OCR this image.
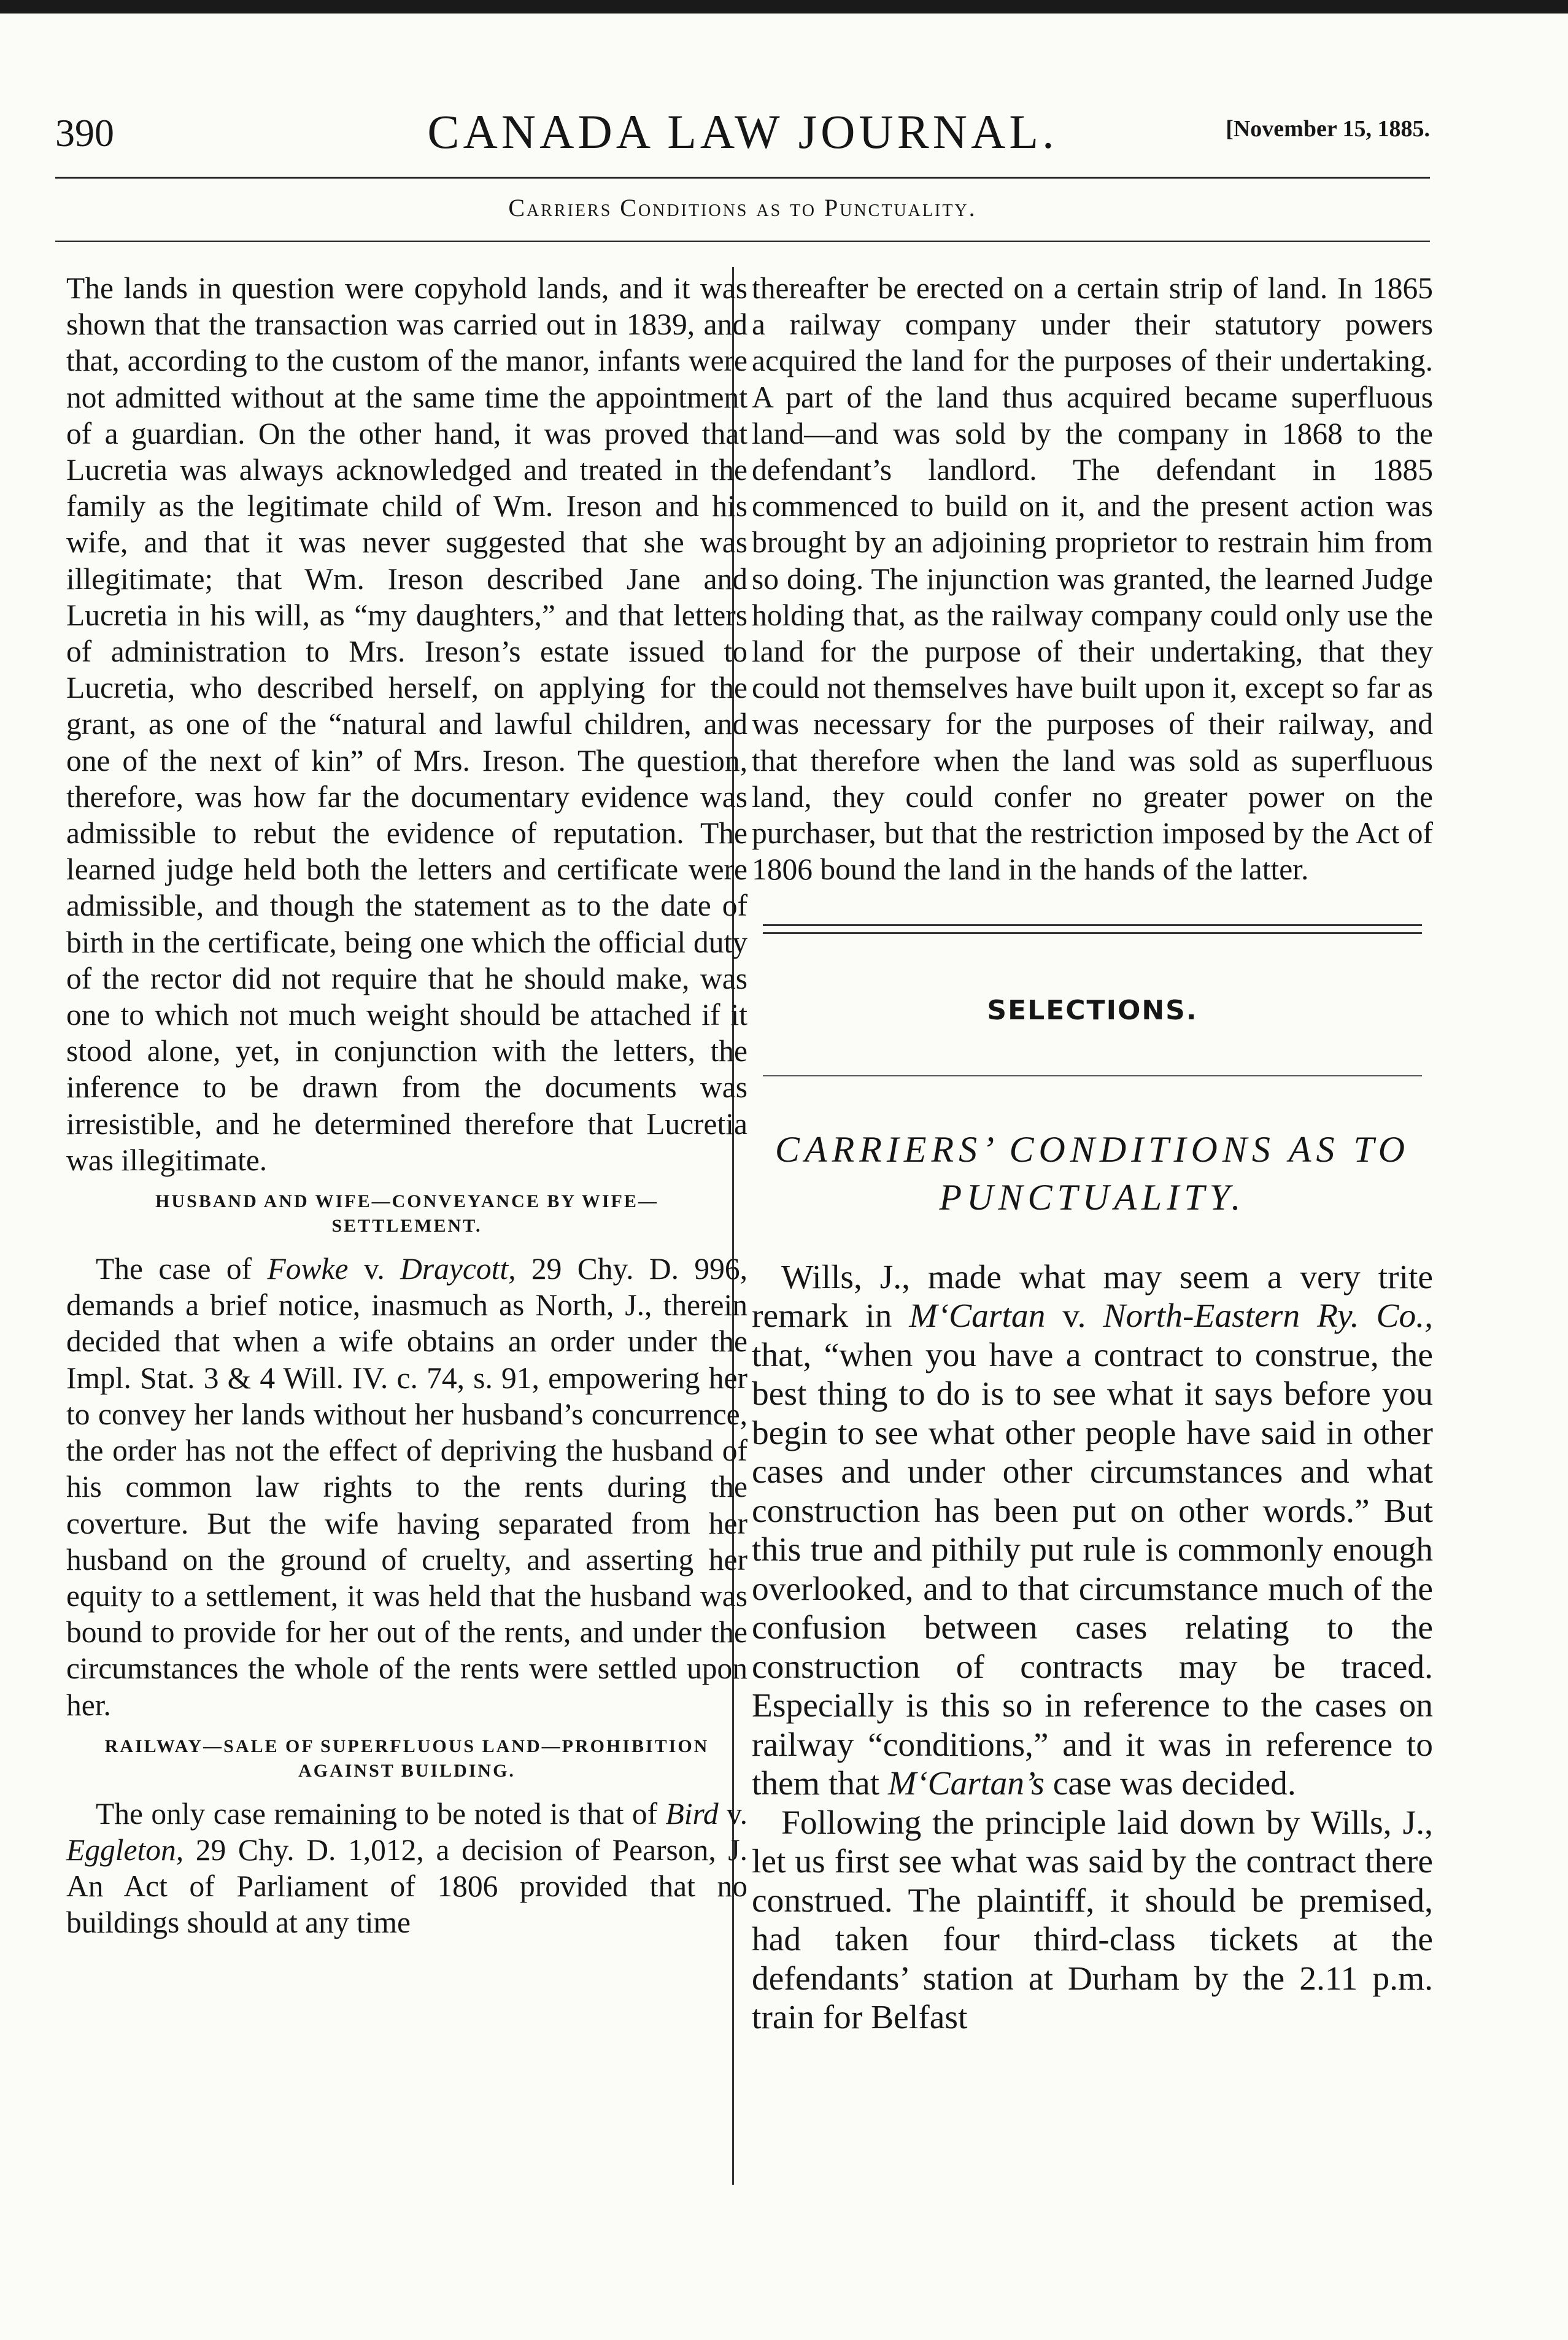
390	CANADA LAW JOURNAL.	[November 15, 1885.
Carriers Conditions as to Punctuality.

The lands in question were copyhold lands, and it was shown that the transaction was carried out in 1839, and that, according to the custom of the manor, infants were not admitted without at the same time the appointment of a guardian. On the other hand, it was proved that Lucretia was always acknowledged and treated in the family as the legitimate child of Wm. Ireson and his wife, and that it was never suggested that she was illegitimate; that Wm. Ireson described Jane and Lucretia in his will, as “my daughters,” and that letters of administration to Mrs. Ireson’s estate issued to Lucretia, who described herself, on applying for the grant, as one of the “natural and lawful children, and one of the next of kin” of Mrs. Ireson. The question, therefore, was how far the documentary evidence was admissible to rebut the evidence of reputation. The learned judge held both the letters and certificate were admissible, and though the statement as to the date of birth in the certificate, being one which the official duty of the rector did not require that he should make, was one to which not much weight should be attached if it stood alone, yet, in conjunction with the letters, the inference to be drawn from the documents was irresistible, and he determined therefore that Lucretia was illegitimate.

HUSBAND AND WIFE—CONVEYANCE BY WIFE—SETTLEMENT.

The case of Fowke v. Draycott, 29 Chy. D. 996, demands a brief notice, inasmuch as North, J., therein decided that when a wife obtains an order under the Impl. Stat. 3 & 4 Will. IV. c. 74, s. 91, empowering her to convey her lands without her husband’s concurrence, the order has not the effect of depriving the husband of his common law rights to the rents during the coverture. But the wife having separated from her husband on the ground of cruelty, and asserting her equity to a settlement, it was held that the husband was bound to provide for her out of the rents, and under the circumstances the whole of the rents were settled upon her.

RAILWAY—SALE OF SUPERFLUOUS LAND—PROHIBITION AGAINST BUILDING.

The only case remaining to be noted is that of Bird v. Eggleton, 29 Chy. D. 1,012, a decision of Pearson, J. An Act of Parliament of 1806 provided that no buildings should at any time

thereafter be erected on a certain strip of land. In 1865 a railway company under their statutory powers acquired the land for the purposes of their undertaking. A part of the land thus acquired became superfluous land—and was sold by the company in 1868 to the defendant’s landlord. The defendant in 1885 commenced to build on it, and the present action was brought by an adjoining proprietor to restrain him from so doing. The injunction was granted, the learned Judge holding that, as the railway company could only use the land for the purpose of their undertaking, that they could not themselves have built upon it, except so far as was necessary for the purposes of their railway, and that therefore when the land was sold as superfluous land, they could confer no greater power on the purchaser, but that the restriction imposed by the Act of 1806 bound the land in the hands of the latter.

SELECTIONS.
CARRIERS’ CONDITIONS AS TO
PUNCTUALITY.

Wills, J., made what may seem a very trite remark in M‘Cartan v. North-Eastern Ry. Co., that, “when you have a contract to construe, the best thing to do is to see what it says before you begin to see what other people have said in other cases and under other circumstances and what construction has been put on other words.” But this true and pithily put rule is commonly enough overlooked, and to that circumstance much of the confusion between cases relating to the construction of contracts may be traced. Especially is this so in reference to the cases on railway “conditions,” and it was in reference to them that M‘Cartan’s case was decided.

Following the principle laid down by Wills, J., let us first see what was said by the contract there construed. The plaintiff, it should be premised, had taken four third-class tickets at the defendants’ station at Durham by the 2.11 p.m. train for Belfast
